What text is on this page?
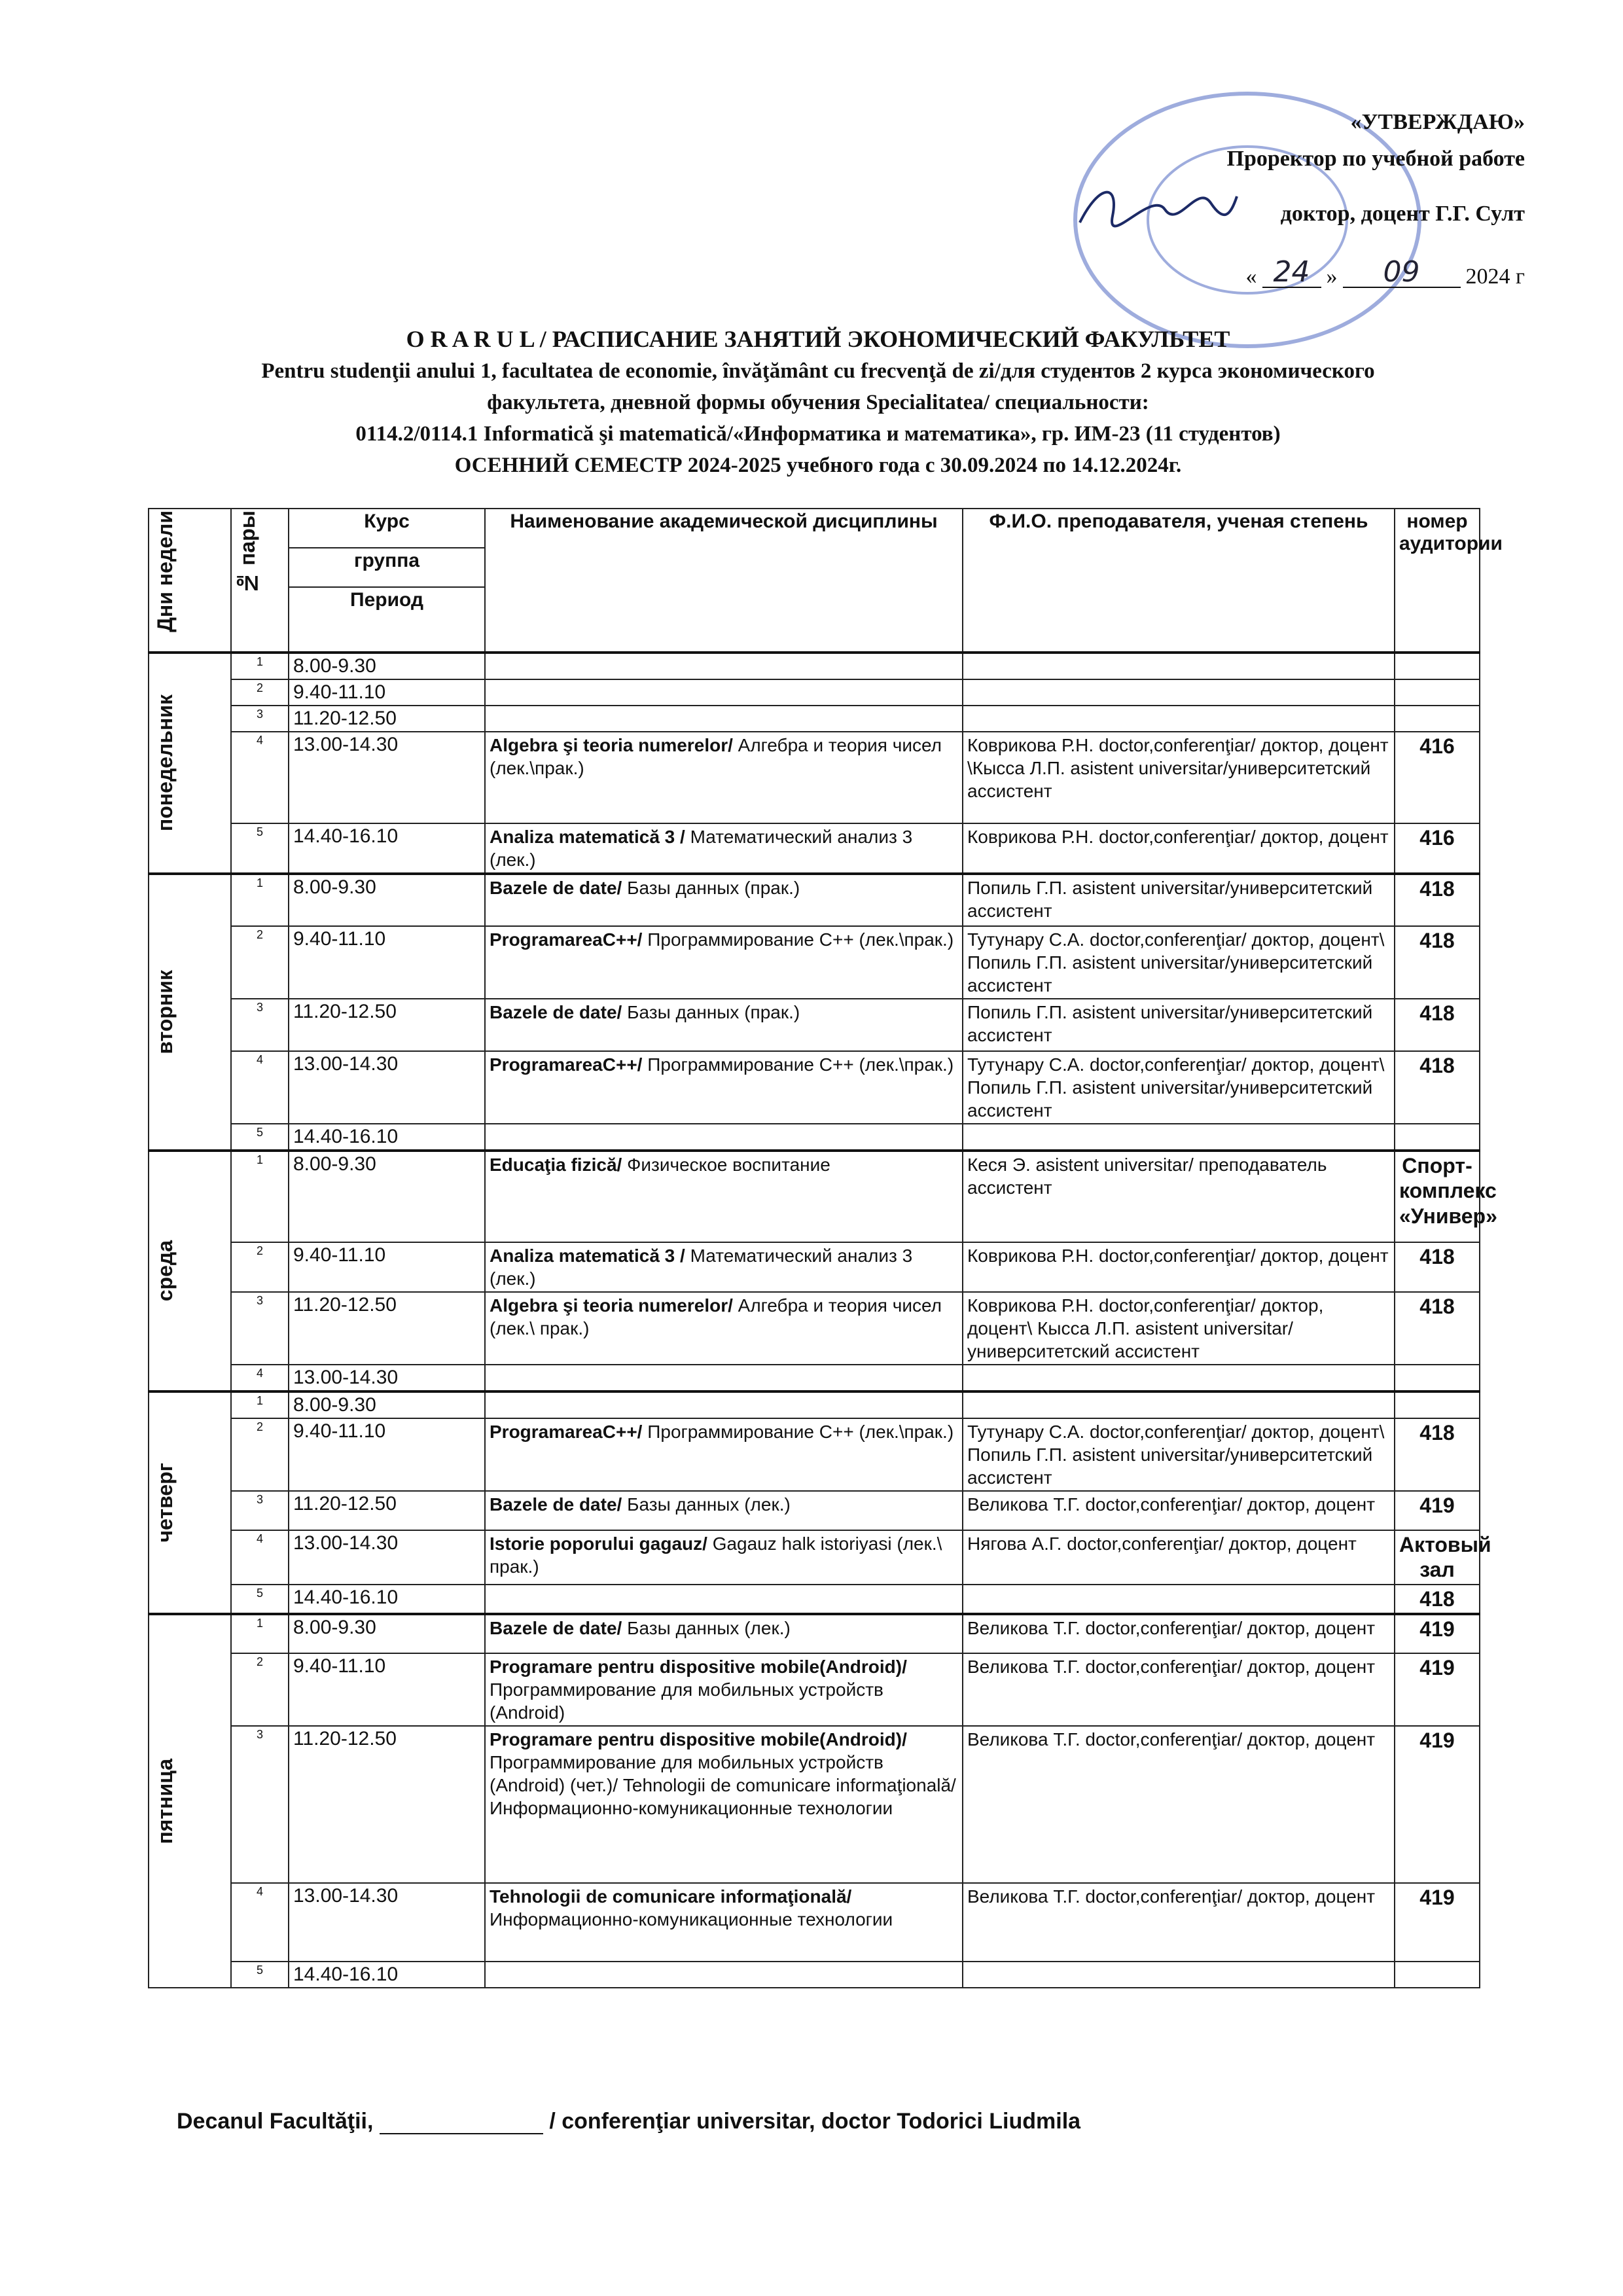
«УТВЕРЖДАЮ»
Проректор по учебной работе
доктор, доцент Г.Г. Султ
« 24 »	09	2024 г
O R A R U L / РАСПИСАНИЕ ЗАНЯТИЙ ЭКОНОМИЧЕСКИЙ ФАКУЛЬТЕТ
Pentru studenţii anului 1, facultatea de economie, învăţământ cu frecvenţă de zi/для студентов 2 курса экономического
факультета, дневной формы обучения Specialitatea/ специальности:
0114.2/0114.1 Informatică şi matematică/«Информатика и математика», гр. ИМ-23 (11 студентов)
ОСЕННИЙ СЕМЕСТР 2024-2025 учебного года с 30.09.2024 по 14.12.2024г.
Дни недели	№ пары	Курс	Наименование академической дисциплины	Ф.И.О. преподавателя, ученая степень	номер аудитории
		группа			
		Период			

понедельник	1	8.00-9.30			
	2	9.40-11.10			
	3	11.20-12.50			
	4	13.00-14.30	Algebra şi teoria numerelor/ Алгебра и теория чисел (лек.\прак.)	Коврикова Р.Н. doctor,conferenţiar/ доктор, доцент \Кысса Л.П. asistent universitar/университетский ассистент	416
	5	14.40-16.10	Analiza matematică 3 / Математический анализ 3 (лек.)	Коврикова Р.Н. doctor,conferenţiar/ доктор, доцент	416

вторник	1	8.00-9.30	Bazele de date/ Базы данных (прак.)	Попиль Г.П. asistent universitar/университетский ассистент	418
	2	9.40-11.10	ProgramareaC++/ Программирование C++ (лек.\прак.)	Тутунару С.А. doctor,conferenţiar/ доктор, доцент\ Попиль Г.П. asistent universitar/университетский ассистент	418
	3	11.20-12.50	Bazele de date/ Базы данных (прак.)	Попиль Г.П. asistent universitar/университетский ассистент	418
	4	13.00-14.30	ProgramareaC++/ Программирование C++ (лек.\прак.)	Тутунару С.А. doctor,conferenţiar/ доктор, доцент\ Попиль Г.П. asistent universitar/университетский ассистент	418
	5	14.40-16.10			

среда	1	8.00-9.30	Educaţia fizică/ Физическое воспитание	Кеся Э. asistent universitar/ преподаватель ассистент	Спорт-комплекс «Универ»
	2	9.40-11.10	Analiza matematică 3 / Математический анализ 3 (лек.)	Коврикова Р.Н. doctor,conferenţiar/ доктор, доцент	418
	3	11.20-12.50	Algebra şi teoria numerelor/ Алгебра и теория чисел (лек.\ прак.)	Коврикова Р.Н. doctor,conferenţiar/ доктор, доцент\ Кысса Л.П. asistent universitar/университетский ассистент	418
	4	13.00-14.30			

четверг	1	8.00-9.30			
	2	9.40-11.10	ProgramareaC++/ Программирование C++ (лек.\прак.)	Тутунару С.А. doctor,conferenţiar/ доктор, доцент\ Попиль Г.П. asistent universitar/университетский ассистент	418
	3	11.20-12.50	Bazele de date/ Базы данных (лек.)	Великова Т.Г. doctor,conferenţiar/ доктор, доцент	419
	4	13.00-14.30	Istorie poporului gagauz/ Gagauz halk istoriyasi (лек.\ прак.)	Нягова А.Г. doctor,conferenţiar/ доктор, доцент	Актовый зал
	5	14.40-16.10			418

пятница	1	8.00-9.30	Bazele de date/ Базы данных (лек.)	Великова Т.Г. doctor,conferenţiar/ доктор, доцент	419
	2	9.40-11.10	Programare pentru dispositive mobile(Android)/ Программирование для мобильных устройств (Android)	Великова Т.Г. doctor,conferenţiar/ доктор, доцент	419
	3	11.20-12.50	Programare pentru dispositive mobile(Android)/ Программирование для мобильных устройств (Android) (чет.)/ Tehnologii de comunicare informaţională/Информационно-комуникационные технологии	Великова Т.Г. doctor,conferenţiar/ доктор, доцент	419
	4	13.00-14.30	Tehnologii de comunicare informaţională/ Информационно-комуникационные технологии	Великова Т.Г. doctor,conferenţiar/ доктор, доцент	419
	5	14.40-16.10			
Decanul Facultăţii,	/ conferenţiar universitar, doctor Todorici Liudmila
